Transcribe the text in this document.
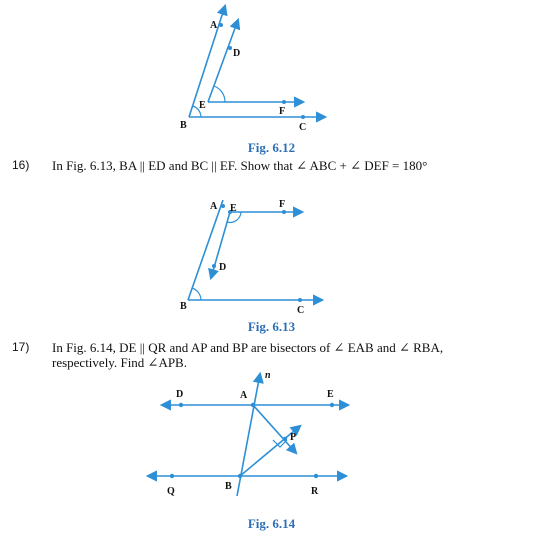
A
D
E
B
F
C
Fig. 6.12
16) In Fig. 6.13, BA || ED and BC || EF. Show that ∠ ABC + ∠ DEF = 180°
A E	F
D
B	C
Fig. 6.13
17) In Fig. 6.14, DE || QR and AP and BP are bisectors of ∠ EAB and ∠ RBA, respectively. Find ∠APB.
n
D	A	E
P
Q	B	R
Fig. 6.14
